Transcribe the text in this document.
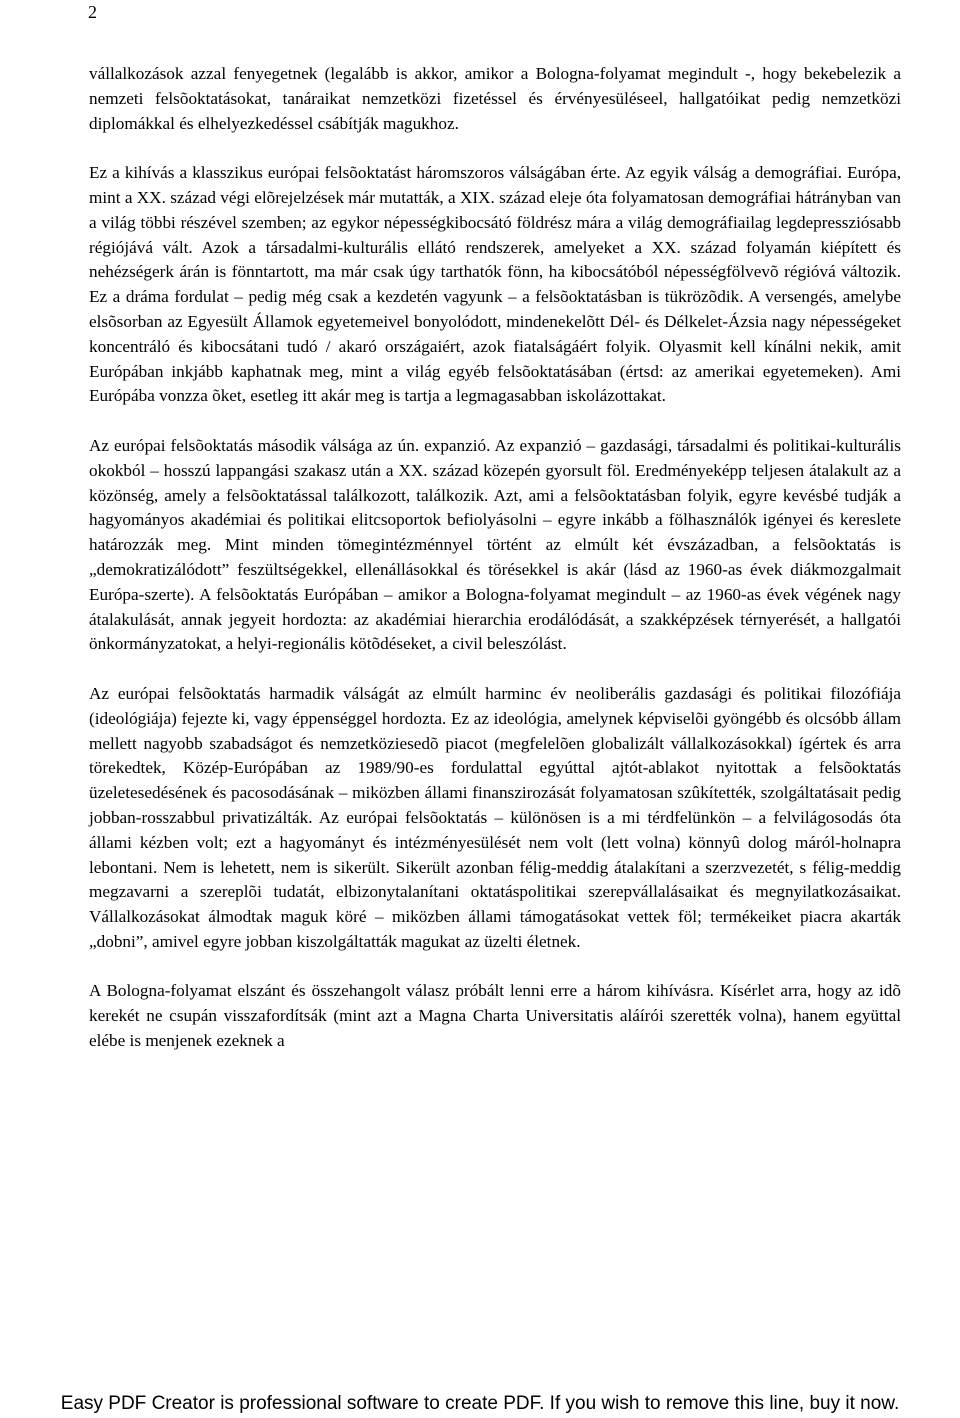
2

vállalkozások azzal fenyegetnek (legalább is akkor, amikor a Bologna-folyamat megindult -, hogy bekebelezik a nemzeti felsõoktatásokat, tanáraikat nemzetközi fizetéssel és érvényesüléseel, hallgatóikat pedig nemzetközi diplomákkal és elhelyezkedéssel csábítják magukhoz.

Ez a kihívás a klasszikus európai felsõoktatást háromszoros válságában érte. Az egyik válság a demográfiai. Európa, mint a XX. század végi elõrejelzések már mutatták, a XIX. század eleje óta folyamatosan demográfiai hátrányban van a világ többi részével szemben; az egykor népességkibocsátó földrész mára a világ demográfiailag legdepressziósabb régiójává vált. Azok a társadalmi-kulturális ellátó rendszerek, amelyeket a XX. század folyamán kiépített és nehézségerk árán is fönntartott, ma már csak úgy tarthatók fönn, ha kibocsátóból népességfölvevõ régióvá változik. Ez a dráma fordulat – pedig még csak a kezdetén vagyunk – a felsõoktatásban is tükrözõdik. A versengés, amelybe elsõsorban az Egyesült Államok egyetemeivel bonyolódott, mindenekelõtt Dél- és Délkelet-Ázsia nagy népességeket koncentráló és kibocsátani tudó / akaró országaiért, azok fiatalságáért folyik. Olyasmit kell kínálni nekik, amit Európában inkjább kaphatnak meg, mint a világ egyéb felsõoktatásában (értsd: az amerikai egyetemeken). Ami Európába vonzza õket, esetleg itt akár meg is tartja a legmagasabban iskolázottakat.

Az európai felsõoktatás második válsága az ún. expanzió. Az expanzió – gazdasági, társadalmi és politikai-kulturális okokból – hosszú lappangási szakasz után a XX. század közepén gyorsult föl. Eredményeképp teljesen átalakult az a közönség, amely a felsõoktatással találkozott, találkozik. Azt, ami a felsõoktatásban folyik, egyre kevésbé tudják a hagyományos akadémiai és politikai elitcsoportok befiolyásolni – egyre inkább a fölhasználók igényei és kereslete határozzák meg. Mint minden tömegintézménnyel történt az elmúlt két évszázadban, a felsõoktatás is „demokratizálódott” feszültségekkel, ellenállásokkal és törésekkel is akár (lásd az 1960-as évek diákmozgalmait Európa-szerte). A felsõoktatás Európában – amikor a Bologna-folyamat megindult – az 1960-as évek végének nagy átalakulását, annak jegyeit hordozta: az akadémiai hierarchia erodálódását, a szakképzések térnyerését, a hallgatói önkormányzatokat, a helyi-regionális kötõdéseket, a civil beleszólást.

Az európai felsõoktatás harmadik válságát az elmúlt harminc év neoliberális gazdasági és politikai filozófiája (ideológiája) fejezte ki, vagy éppenséggel hordozta. Ez az ideológia, amelynek képviselõi gyöngébb és olcsóbb állam mellett nagyobb szabadságot és nemzetköziesedõ piacot (megfelelõen globalizált vállalkozásokkal) ígértek és arra törekedtek, Közép-Európában az 1989/90-es fordulattal egyúttal ajtót-ablakot nyitottak a felsõoktatás üzeletesedésének és pacosodásának – miközben állami finanszirozását folyamatosan szûkítették, szolgáltatásait pedig jobban-rosszabbul privatizálták. Az európai felsõoktatás – különösen is a mi térdfelünkön – a felvilágosodás óta állami kézben volt; ezt a hagyományt és intézményesülését nem volt (lett volna) könnyû dolog máról-holnapra lebontani. Nem is lehetett, nem is sikerült. Sikerült azonban félig-meddig átalakítani a szerzvezetét, s félig-meddig megzavarni a szereplõi tudatát, elbizonytalanítani oktatáspolitikai szerepvállalásaikat és megnyilatkozásaikat. Vállalkozásokat álmodtak maguk köré – miközben állami támogatásokat vettek föl; termékeiket piacra akarták „dobni”, amivel egyre jobban kiszolgáltatták magukat az üzelti életnek.

A Bologna-folyamat elszánt és összehangolt válasz próbált lenni erre a három kihívásra. Kísérlet arra, hogy az idõ kerekét ne csupán visszafordítsák (mint azt a Magna Charta Universitatis aláírói szerették volna), hanem együttal elébe is menjenek ezeknek a

Easy PDF Creator is professional software to create PDF. If you wish to remove this line, buy it now.
